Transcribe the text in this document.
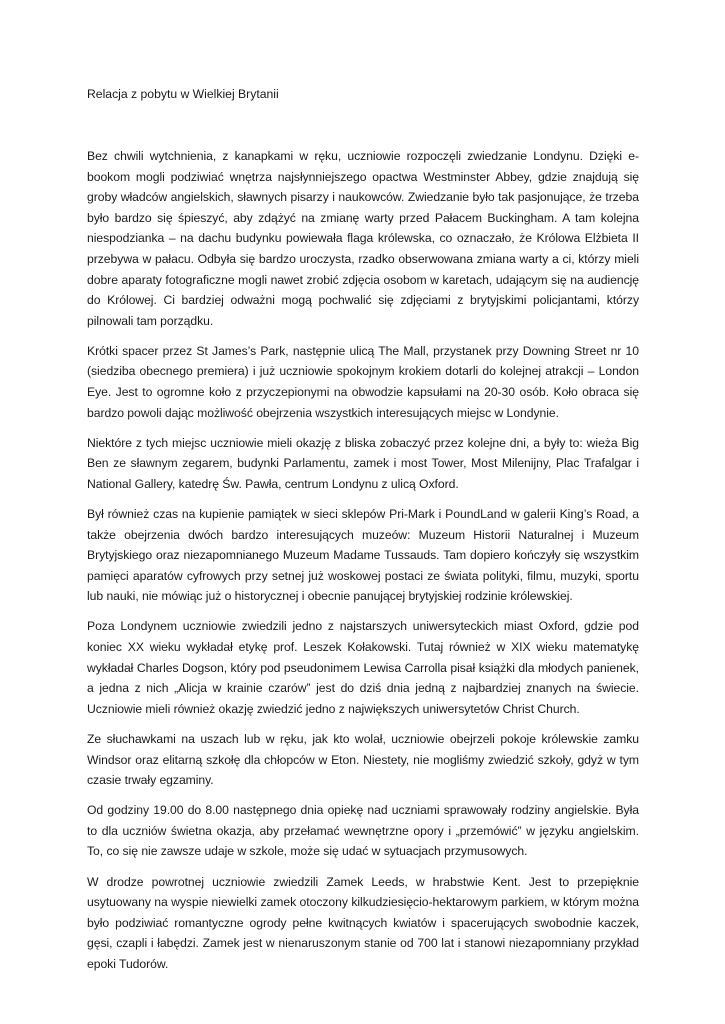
Relacja z pobytu w Wielkiej Brytanii

Bez chwili wytchnienia, z kanapkami w ręku, uczniowie rozpoczęli zwiedzanie Londynu. Dzięki e-bookom mogli podziwiać wnętrza najsłynniejszego opactwa Westminster Abbey, gdzie znajdują się groby władców angielskich, sławnych pisarzy i naukowców. Zwiedzanie było tak pasjonujące, że trzeba było bardzo się śpieszyć, aby zdążyć na zmianę warty przed Pałacem Buckingham. A tam kolejna niespodzianka – na dachu budynku powiewała flaga królewska, co oznaczało, że Królowa Elżbieta II przebywa w pałacu. Odbyła się bardzo uroczysta, rzadko obserwowana zmiana warty a ci, którzy mieli dobre aparaty fotograficzne mogli nawet zrobić zdjęcia osobom w karetach, udającym się na audiencję do Królowej. Ci bardziej odważni mogą pochwalić się zdjęciami z brytyjskimi policjantami, którzy pilnowali tam porządku.

Krótki spacer przez St James’s Park, następnie ulicą The Mall, przystanek przy Downing Street nr 10 (siedziba obecnego premiera) i już uczniowie spokojnym krokiem dotarli do kolejnej atrakcji – London Eye. Jest to ogromne koło z przyczepionymi na obwodzie kapsułami na 20-30 osób. Koło obraca się bardzo powoli dając możliwość obejrzenia wszystkich interesujących miejsc w Londynie.

Niektóre z tych miejsc uczniowie mieli okazję z bliska zobaczyć przez kolejne dni, a były to: wieża Big Ben ze sławnym zegarem, budynki Parlamentu, zamek i most Tower, Most Milenijny, Plac Trafalgar i National Gallery, katedrę Św. Pawła, centrum Londynu z ulicą Oxford.

Był również czas na kupienie pamiątek w sieci sklepów Pri-Mark i PoundLand w galerii King’s Road, a także obejrzenia dwóch bardzo interesujących muzeów: Muzeum Historii Naturalnej i Muzeum Brytyjskiego oraz niezapomnianego Muzeum Madame Tussauds. Tam dopiero kończyły się wszystkim pamięci aparatów cyfrowych przy setnej już woskowej postaci ze świata polityki, filmu, muzyki, sportu lub nauki, nie mówiąc już o historycznej i obecnie panującej brytyjskiej rodzinie królewskiej.

Poza Londynem uczniowie zwiedzili jedno z najstarszych uniwersyteckich miast Oxford, gdzie pod koniec XX wieku wykładał etykę prof. Leszek Kołakowski. Tutaj również w XIX wieku matematykę wykładał Charles Dogson, który pod pseudonimem Lewisa Carrolla pisał książki dla młodych panienek, a jedna z nich „Alicja w krainie czarów” jest do dziś dnia jedną z najbardziej znanych na świecie. Uczniowie mieli również okazję zwiedzić jedno z największych uniwersytetów Christ Church.

Ze słuchawkami na uszach lub w ręku, jak kto wolał, uczniowie obejrzeli pokoje królewskie zamku Windsor oraz elitarną szkołę dla chłopców w Eton. Niestety, nie mogliśmy zwiedzić szkoły, gdyż w tym czasie trwały egzaminy.

Od godziny 19.00 do 8.00 następnego dnia opiekę nad uczniami sprawowały rodziny angielskie. Była to dla uczniów świetna okazja, aby przełamać wewnętrzne opory i „przemówić” w języku angielskim. To, co się nie zawsze udaje w szkole, może się udać w sytuacjach przymusowych.

W drodze powrotnej uczniowie zwiedzili Zamek Leeds, w hrabstwie Kent. Jest to przepięknie usytuowany na wyspie niewielki zamek otoczony kilkudziesięcio-hektarowym parkiem, w którym można było podziwiać romantyczne ogrody pełne kwitnących kwiatów i spacerujących swobodnie kaczek, gęsi, czapli i łabędzi. Zamek jest w nienaruszonym stanie od 700 lat i stanowi niezapomniany przykład epoki Tudorów.
